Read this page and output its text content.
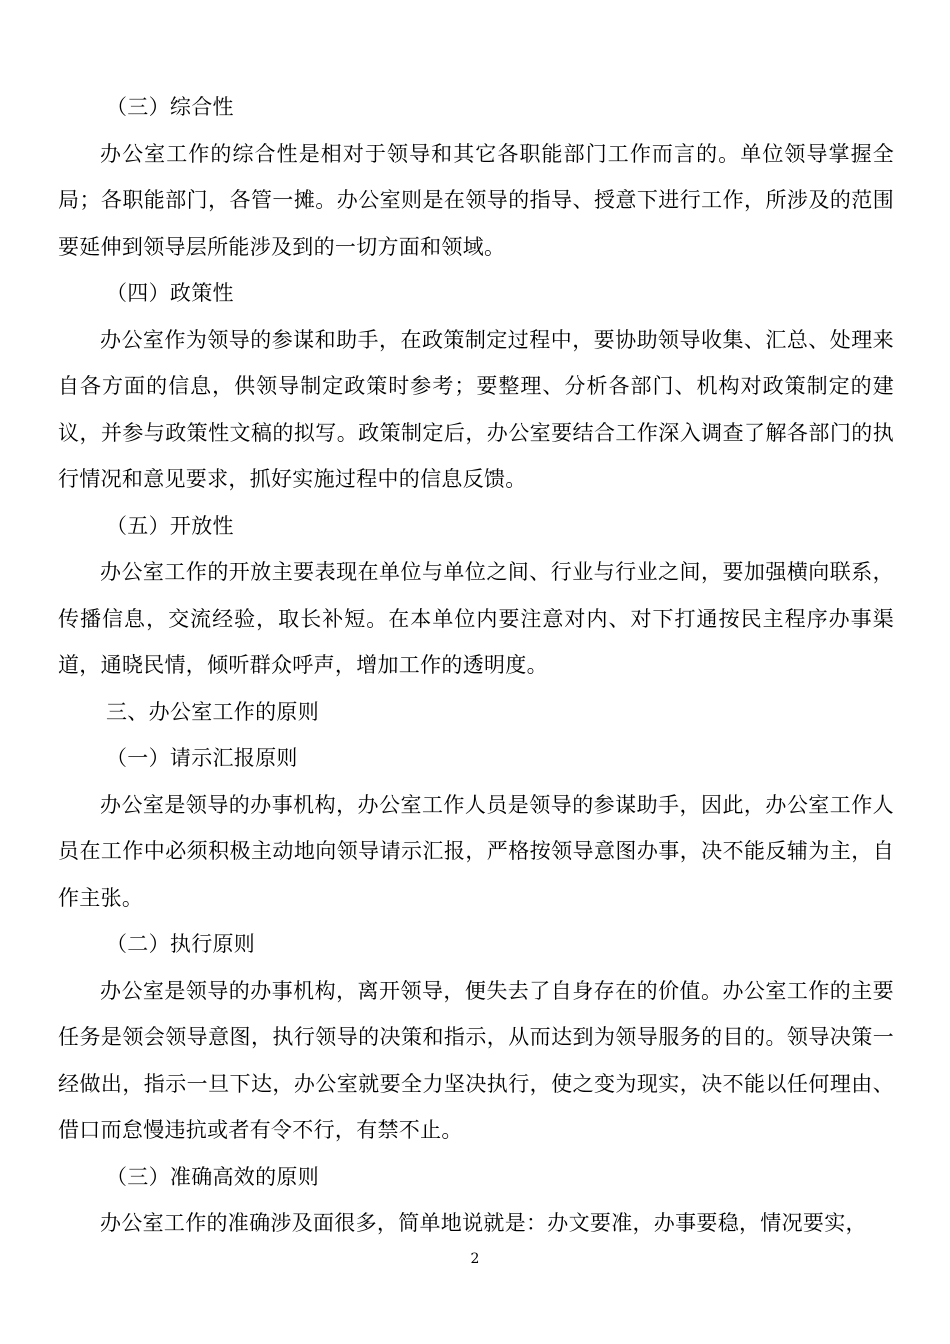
（三）综合性

办公室工作的综合性是相对于领导和其它各职能部门工作而言的。单位领导掌握全局；各职能部门，各管一摊。办公室则是在领导的指导、授意下进行工作，所涉及的范围要延伸到领导层所能涉及到的一切方面和领域。

（四）政策性

办公室作为领导的参谋和助手，在政策制定过程中，要协助领导收集、汇总、处理来自各方面的信息，供领导制定政策时参考；要整理、分析各部门、机构对政策制定的建议，并参与政策性文稿的拟写。政策制定后，办公室要结合工作深入调查了解各部门的执行情况和意见要求，抓好实施过程中的信息反馈。

（五）开放性

办公室工作的开放主要表现在单位与单位之间、行业与行业之间，要加强横向联系，传播信息，交流经验，取长补短。在本单位内要注意对内、对下打通按民主程序办事渠道，通晓民情，倾听群众呼声，增加工作的透明度。

三、办公室工作的原则

（一）请示汇报原则

办公室是领导的办事机构，办公室工作人员是领导的参谋助手，因此，办公室工作人员在工作中必须积极主动地向领导请示汇报，严格按领导意图办事，决不能反辅为主，自作主张。

（二）执行原则

办公室是领导的办事机构，离开领导，便失去了自身存在的价值。办公室工作的主要任务是领会领导意图，执行领导的决策和指示，从而达到为领导服务的目的。领导决策一经做出，指示一旦下达，办公室就要全力坚决执行，使之变为现实，决不能以任何理由、借口而怠慢违抗或者有令不行，有禁不止。

（三）准确高效的原则

办公室工作的准确涉及面很多，简单地说就是：办文要准，办事要稳，情况要实，

2
